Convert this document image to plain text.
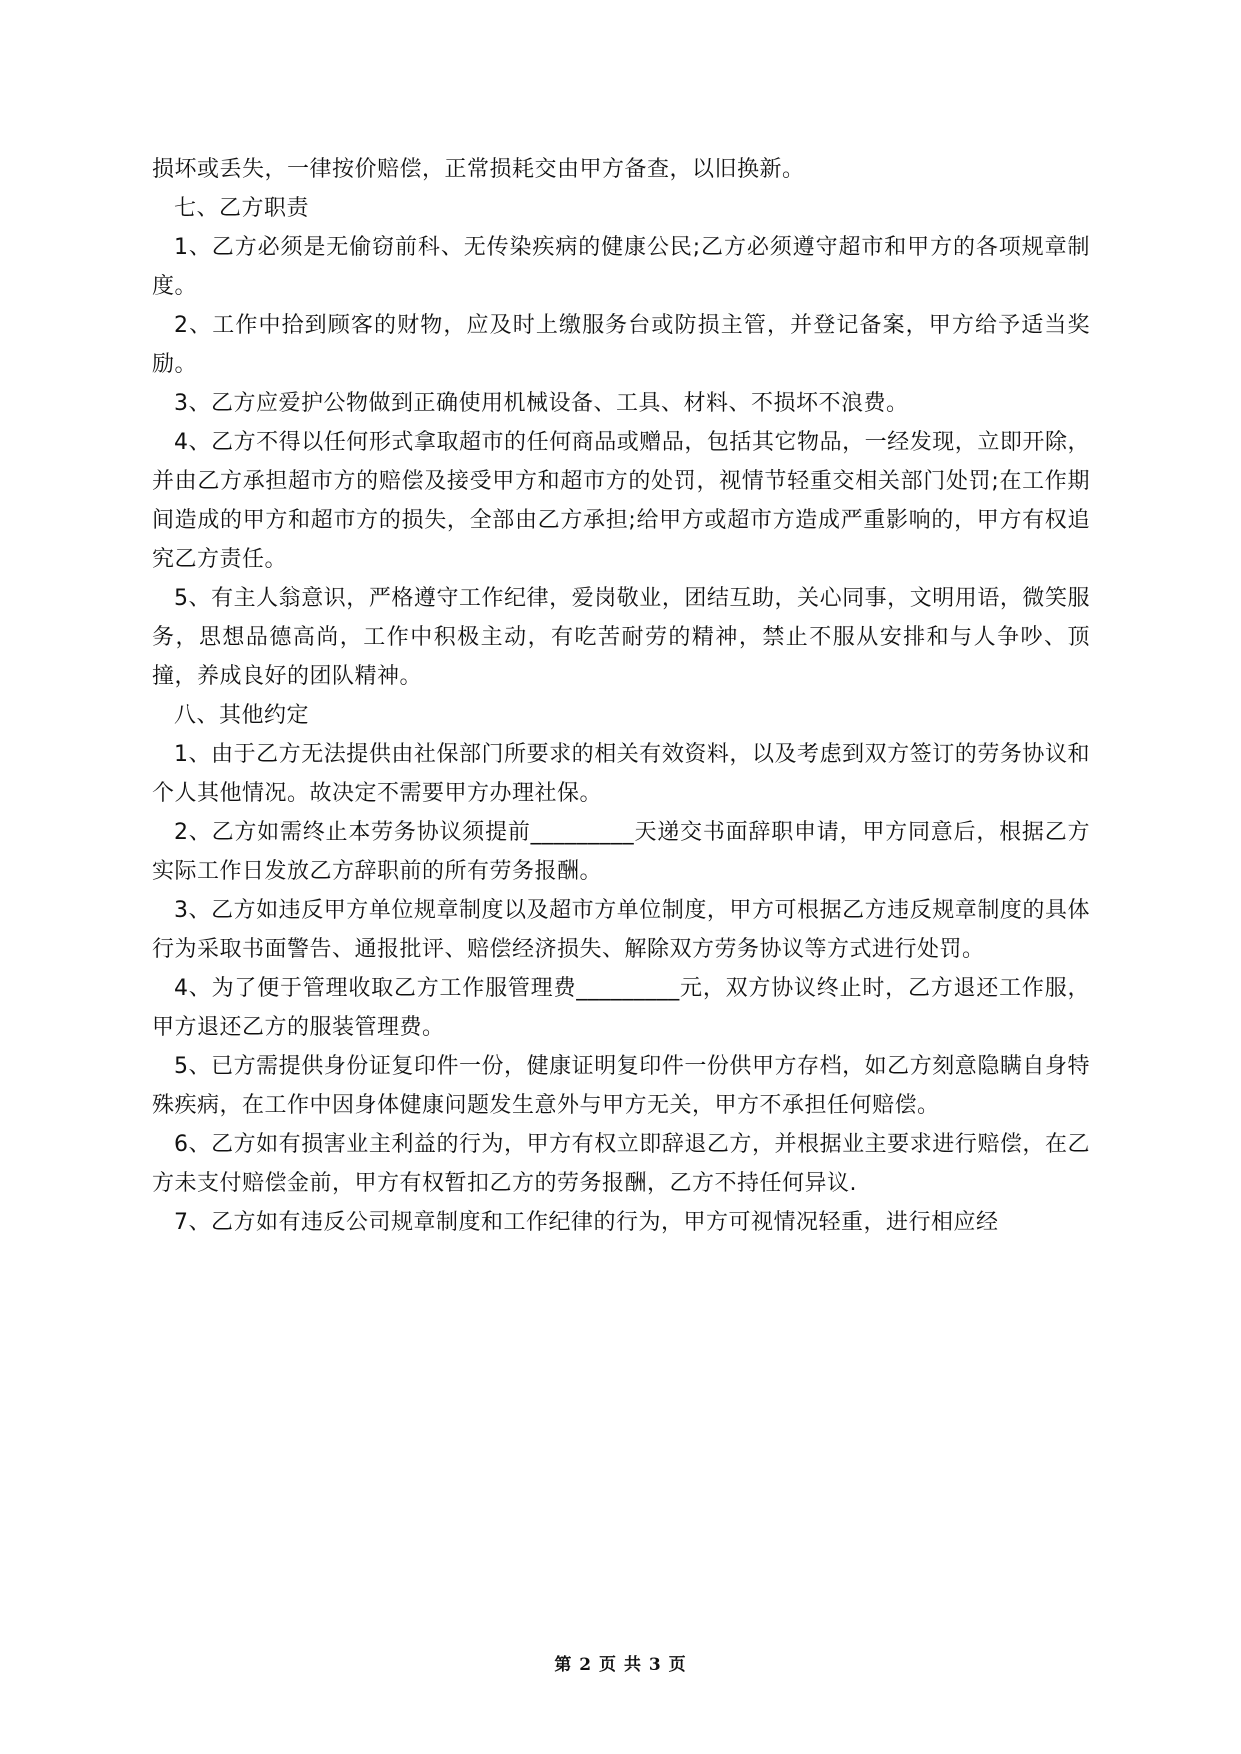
损坏或丢失，一律按价赔偿，正常损耗交由甲方备查，以旧换新。

七、乙方职责

1、乙方必须是无偷窃前科、无传染疾病的健康公民;乙方必须遵守超市和甲方的各项规章制度。

2、工作中拾到顾客的财物，应及时上缴服务台或防损主管，并登记备案，甲方给予适当奖励。

3、乙方应爱护公物做到正确使用机械设备、工具、材料、不损坏不浪费。

4、乙方不得以任何形式拿取超市的任何商品或赠品，包括其它物品，一经发现，立即开除，并由乙方承担超市方的赔偿及接受甲方和超市方的处罚，视情节轻重交相关部门处罚;在工作期间造成的甲方和超市方的损失，全部由乙方承担;给甲方或超市方造成严重影响的，甲方有权追究乙方责任。

5、有主人翁意识，严格遵守工作纪律，爱岗敬业，团结互助，关心同事，文明用语，微笑服务，思想品德高尚，工作中积极主动，有吃苦耐劳的精神，禁止不服从安排和与人争吵、顶撞，养成良好的团队精神。

八、其他约定

1、由于乙方无法提供由社保部门所要求的相关有效资料，以及考虑到双方签订的劳务协议和个人其他情况。故决定不需要甲方办理社保。

2、乙方如需终止本劳务协议须提前_________天递交书面辞职申请，甲方同意后，根据乙方实际工作日发放乙方辞职前的所有劳务报酬。

3、乙方如违反甲方单位规章制度以及超市方单位制度，甲方可根据乙方违反规章制度的具体行为采取书面警告、通报批评、赔偿经济损失、解除双方劳务协议等方式进行处罚。

4、为了便于管理收取乙方工作服管理费_________元，双方协议终止时，乙方退还工作服，甲方退还乙方的服装管理费。

5、已方需提供身份证复印件一份，健康证明复印件一份供甲方存档，如乙方刻意隐瞒自身特殊疾病，在工作中因身体健康问题发生意外与甲方无关，甲方不承担任何赔偿。

6、乙方如有损害业主利益的行为，甲方有权立即辞退乙方，并根据业主要求进行赔偿，在乙方未支付赔偿金前，甲方有权暂扣乙方的劳务报酬，乙方不持任何异议.

7、乙方如有违反公司规章制度和工作纪律的行为，甲方可视情况轻重，进行相应经

第 2 页 共 3 页
